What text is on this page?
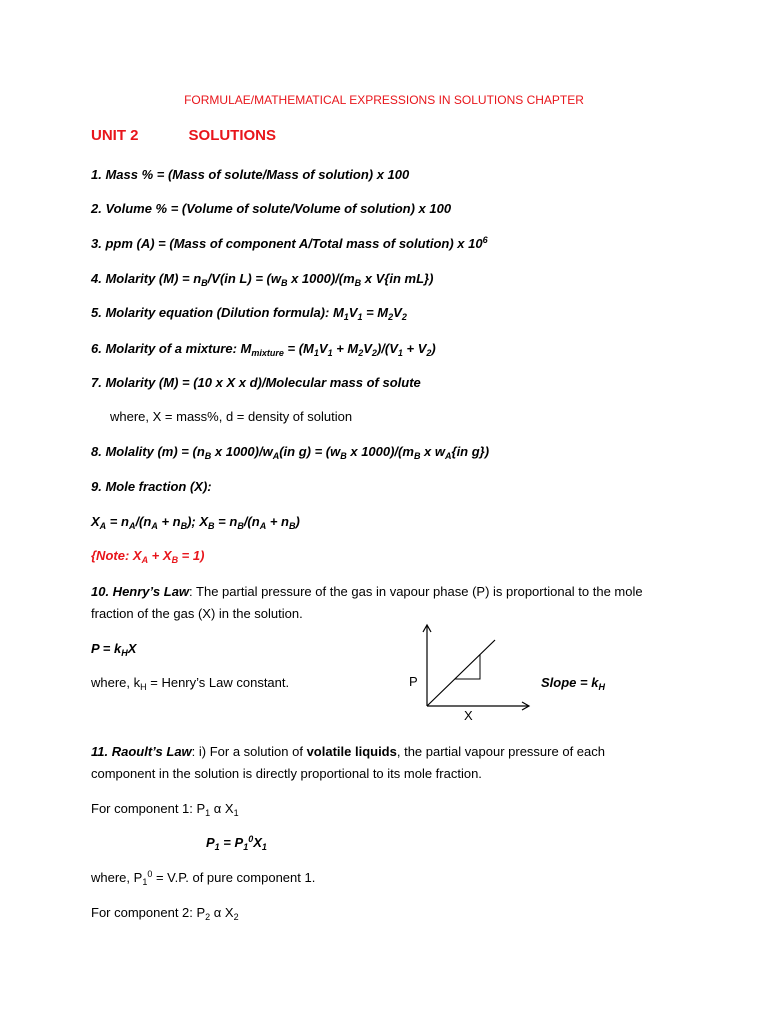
FORMULAE/MATHEMATICAL EXPRESSIONS IN SOLUTIONS CHAPTER
UNIT 2	SOLUTIONS
1. Mass % = (Mass of solute/Mass of solution) x 100
2. Volume % = (Volume of solute/Volume of solution) x 100
3. ppm (A) = (Mass of component A/Total mass of solution) x $10^6$
4. Molarity $(M) = n_B/V(in$ $L) = (w_B$ x $1000)/(m_B$ x V{in mL})
5. Molarity equation (Dilution formula): $M_1V_1 = M_2V_2$
6. Molarity of a mixture: $M_{mixture} = (M_1V_1 + M_2V_2)/(V_1 + V_2)$
7. Molarity (M) = (10 x X x d)/Molecular mass of solute
where, X = mass%, d = density of solution
8. Molality $(m) = (n_B$ x $1000)/w_A(in$ $g) = (w_B$ x $1000)/(m_B$ x $w_A\{in$ g})
9. Mole fraction (X):
$X_A = n_A/(n_A + n_B)$; $X_B = n_B/(n_A + n_B)$
{Note: $X_A + X_B = 1$)
10. Henry’s Law: The partial pressure of the gas in vapour phase (P) is proportional to the mole
fraction of the gas (X) in the solution.
$P = k_HX$
where, $k_H$ = Henry’s Law constant.	P
X
Slope = $k_H$
11. Raoult’s Law: i) For a solution of volatile liquids, the partial vapour pressure of each
component in the solution is directly proportional to its mole fraction.
For component 1: $P_1$ α $X_1$
$P_1 = P_1^0X_1$
where, $P_1^0 = V.P$. of pure component 1.
For component 2: $P_2$ α $X_2$
